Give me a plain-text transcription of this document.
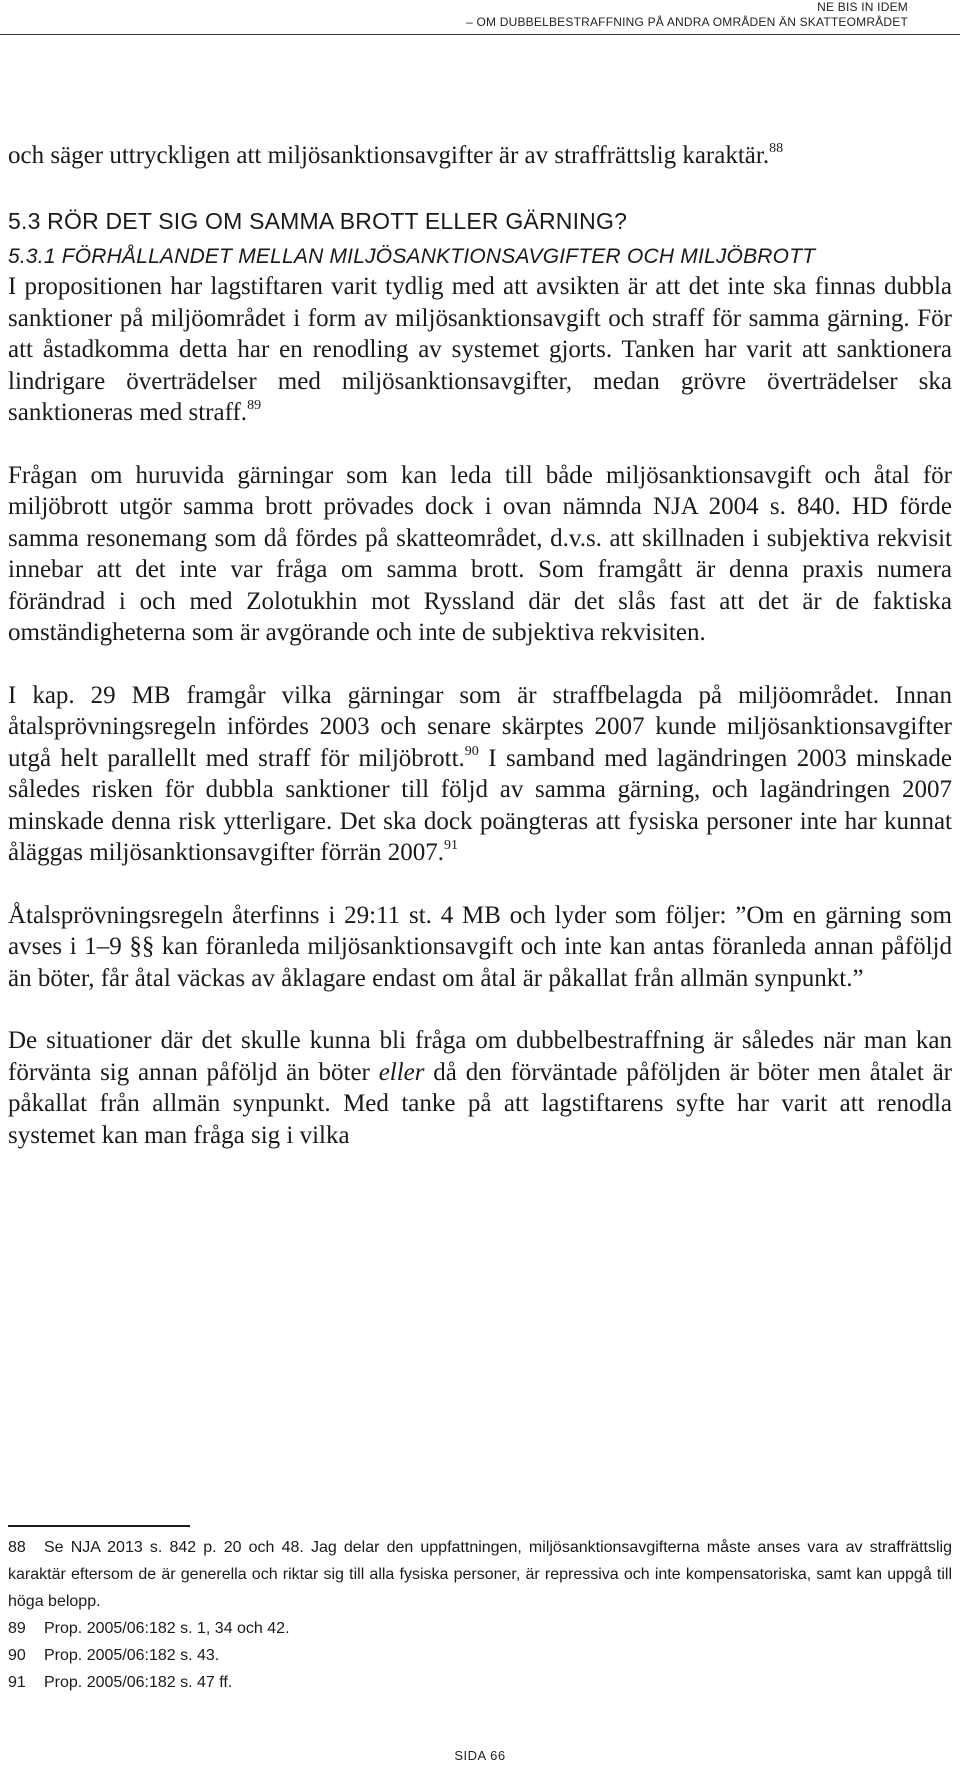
NE BIS IN IDEM
– OM DUBBELBESTRAFFNING PÅ ANDRA OMRÅDEN ÄN SKATTEOMRÅDET

och säger uttryckligen att miljösanktionsavgifter är av straffrättslig karaktär.$^{88}$

5.3 RÖR DET SIG OM SAMMA BROTT ELLER GÄRNING?
5.3.1 FÖRHÅLLANDET MELLAN MILJÖSANKTIONSAVGIFTER OCH MILJÖBROTT

I propositionen har lagstiftaren varit tydlig med att avsikten är att det inte ska finnas dubbla sanktioner på miljöområdet i form av miljösanktionsavgift och straff för samma gärning. För att åstadkomma detta har en renodling av systemet gjorts. Tanken har varit att sanktionera lindrigare överträdelser med miljösanktionsavgifter, medan grövre överträdelser ska sanktioneras med straff.$^{89}$

Frågan om huruvida gärningar som kan leda till både miljösanktionsavgift och åtal för miljöbrott utgör samma brott prövades dock i ovan nämnda NJA 2004 s. 840. HD förde samma resonemang som då fördes på skatteområdet, d.v.s. att skillnaden i subjektiva rekvisit innebar att det inte var fråga om samma brott. Som framgått är denna praxis numera förändrad i och med Zolotukhin mot Ryssland där det slås fast att det är de faktiska omständigheterna som är avgörande och inte de subjektiva rekvisiten.

I kap. 29 MB framgår vilka gärningar som är straffbelagda på miljöområdet. Innan åtalsprövningsregeln infördes 2003 och senare skärptes 2007 kunde miljösanktionsavgifter utgå helt parallellt med straff för miljöbrott.$^{90}$ I samband med lagändringen 2003 minskade således risken för dubbla sanktioner till följd av samma gärning, och lagändringen 2007 minskade denna risk ytterligare. Det ska dock poängteras att fysiska personer inte har kunnat åläggas miljösanktionsavgifter förrän 2007.91

Åtalsprövningsregeln återfinns i 29:11 st. 4 MB och lyder som följer: ”Om en gärning som avses i 1–9 §§ kan föranleda miljösanktionsavgift och inte kan antas föranleda annan påföljd än böter, får åtal väckas av åklagare endast om åtal är påkallat från allmän synpunkt.”

De situationer där det skulle kunna bli fråga om dubbelbestraffning är således när man kan förvänta sig annan påföljd än böter eller då den förväntade påföljden är böter men åtalet är påkallat från allmän synpunkt. Med tanke på att lagstiftarens syfte har varit att renodla systemet kan man fråga sig i vilka

88 Se NJA 2013 s. 842 p. 20 och 48. Jag delar den uppfattningen, miljösanktionsavgifterna måste anses vara av straffrättslig karaktär eftersom de är generella och riktar sig till alla fysiska personer, är repressiva och inte kompensatoriska, samt kan uppgå till höga belopp.

89 Prop. 2005/06:182 s. 1, 34 och 42.

90 Prop. 2005/06:182 s. 43.

91 Prop. 2005/06:182 s. 47 ff.

SIDA 66
